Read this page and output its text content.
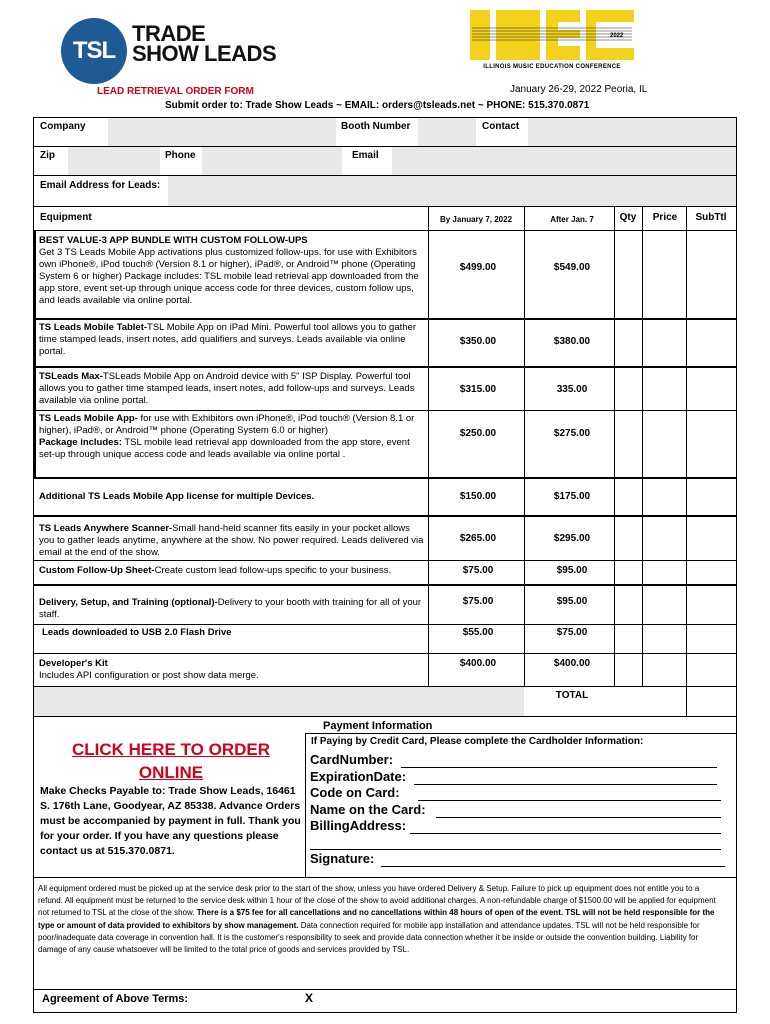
TSL
TRADE
SHOW LEADS
2022
ILLINOIS MUSIC EDUCATION CONFERENCE
LEAD RETRIEVAL ORDER FORM	January 26-29, 2022 Peoria, IL
Submit order to: Trade Show Leads ~ EMAIL: orders@tsleads.net ~ PHONE: 515.370.0871
Company	Booth Number	Contact
Zip	Phone	Email
Email Address for Leads:
Equipment	By January 7, 2022	After Jan. 7	Qty	Price	SubTtl
BEST VALUE-3 APP BUNDLE WITH CUSTOM FOLLOW-UPS
Get 3 TS Leads Mobile App activations plus customized follow-ups. for use with Exhibitors own iPhone®, iPod touch® (Version 8.1 or higher), iPad®, or Android™ phone (Operating System 6 or higher) Package includes: TSL mobile lead retrieval app downloaded from the app store, event set-up through unique access code for three devices, custom follow ups, and leads available via online portal.
$499.00	$549.00
TS Leads Mobile Tablet-TSL Mobile App on iPad Mini. Powerful tool allows you to gather time stamped leads, insert notes, add qualifiers and surveys. Leads available via online portal.
$350.00	$380.00
TSLeads Max-TSLeads Mobile App on Android device with 5" ISP Display. Powerful tool allows you to gather time stamped leads, insert notes, add follow-ups and surveys. Leads available via online portal.
$315.00	335.00
TS Leads Mobile App- for use with Exhibitors own iPhone®, iPod touch® (Version 8.1 or higher), iPad®, or Android™ phone (Operating System 6.0 or higher)
Package includes: TSL mobile lead retrieval app downloaded from the app store, event set-up through unique access code and leads available via online portal .
$250.00	$275.00
Additional TS Leads Mobile App license for multiple Devices.	$150.00	$175.00
TS Leads Anywhere Scanner-Small hand-held scanner fits easily in your pocket allows you to gather leads anytime, anywhere at the show. No power required. Leads delivered via email at the end of the show.
$265.00	$295.00
Custom Follow-Up Sheet-Create custom lead follow-ups specific to your business.	$75.00	$95.00
Delivery, Setup, and Training (optional)-Delivery to your booth with training for all of your staff.
$75.00	$95.00
Leads downloaded to USB 2.0 Flash Drive	$55.00	$75.00
Developer's Kit
Includes API configuration or post show data merge.
$400.00	$400.00
TOTAL
Payment Information
If Paying by Credit Card, Please complete the Cardholder Information:
CLICK HERE TO ORDER ONLINE
Make Checks Payable to: Trade Show Leads, 16461 S. 176th Lane, Goodyear, AZ 85338. Advance Orders must be accompanied by payment in full. Thank you for your order. If you have any questions please contact us at 515.370.0871.
CardNumber:
ExpirationDate:
Code on Card:
Name on the Card:
BillingAddress:
Signature:
All equipment ordered must be picked up at the service desk prior to the start of the show, unless you have ordered Delivery & Setup. Failure to pick up equipment does not entitle you to a refund. All equipment must be returned to the service desk within 1 hour of the close of the show to avoid additional charges. A non-refundable charge of $1500.00 will be applied for equipment not returned to TSL at the close of the show. There is a $75 fee for all cancellations and no cancellations within 48 hours of open of the event. TSL will not be held responsible for the type or amount of data provided to exhibitors by show management. Data connection required for mobile app installation and attendance updates. TSL will not be held responsible for poor/inadequate data coverage in convention hall. It is the customer's responsibility to seek and provide data connection whether it be inside or outside the convention building. Liability for damage of any cause whatsoever will be limited to the total price of goods and services provided by TSL.
Agreement of Above Terms:	X
